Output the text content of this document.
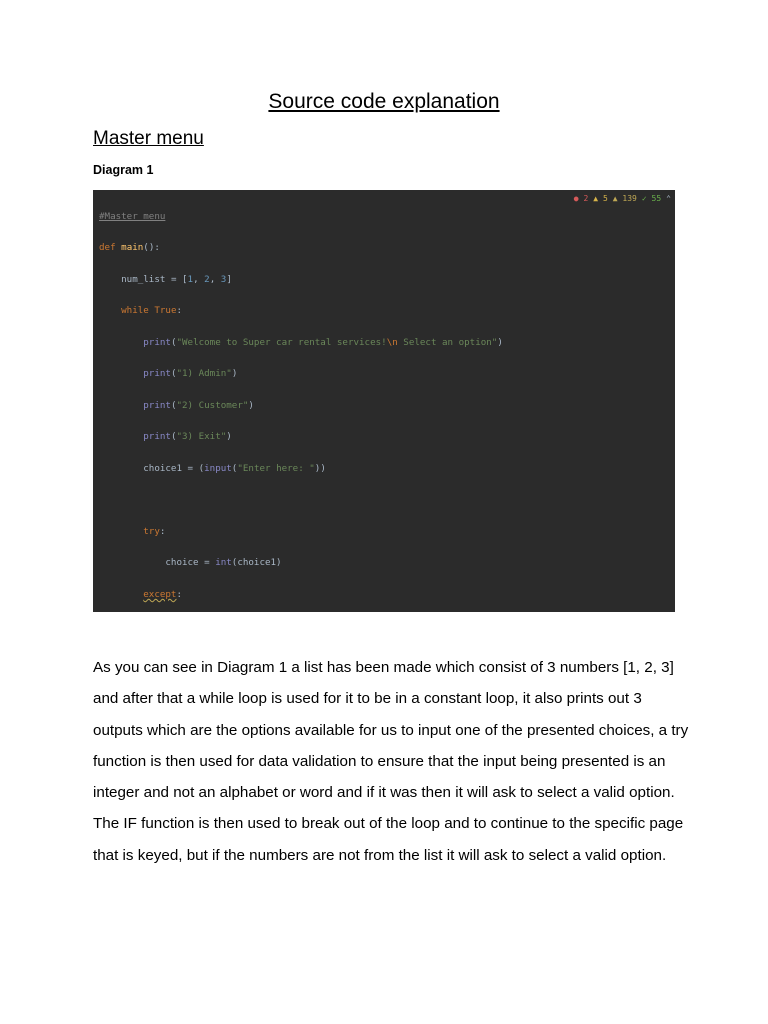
Source code explanation
Master menu

Diagram 1

● 2 ▲ 5 ▲ 139 ✓ 55 ⌃

#Master menu

def main():

num_list = [1, 2, 3]

while True:

print("Welcome to Super car rental services!\n Select an option")

print("1) Admin")

print("2) Customer")

print("3) Exit")

choice1 = (input("Enter here: "))

try:

choice = int(choice1)

except:

As you can see in Diagram 1 a list has been made which consist of 3 numbers [1, 2, 3] and after that a while loop is used for it to be in a constant loop, it also prints out 3 outputs which are the options available for us to input one of the presented choices, a try function is then used for data validation to ensure that the input being presented is an integer and not an alphabet or word and if it was then it will ask to select a valid option. The IF function is then used to break out of the loop and to continue to the specific page that is keyed, but if the numbers are not from the list it will ask to select a valid option.
